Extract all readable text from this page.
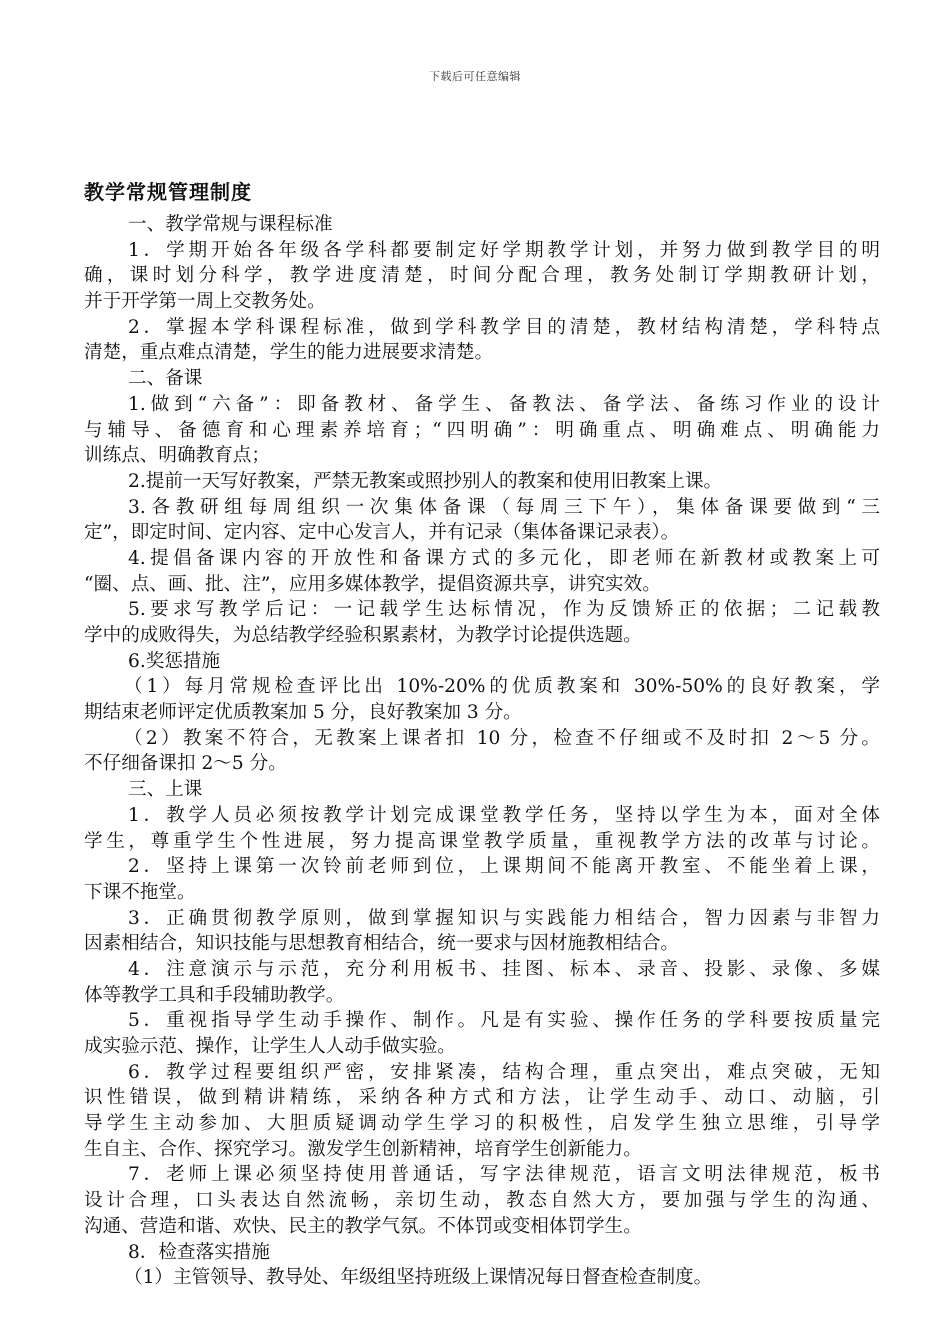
下载后可任意编辑
教学常规管理制度
一、教学常规与课程标准
1．学期开始各年级各学科都要制定好学期教学计划，并努力做到教学目的明
确，课时划分科学，教学进度清楚，时间分配合理，教务处制订学期教研计划，
并于开学第一周上交教务处。
2．掌握本学科课程标准，做到学科教学目的清楚，教材结构清楚，学科特点
清楚，重点难点清楚，学生的能力进展要求清楚。
二、备课
1.做到“六备”：即备教材、备学生、备教法、备学法、备练习作业的设计
与辅导、备德育和心理素养培育；“四明确”：明确重点、明确难点、明确能力
训练点、明确教育点；
2.提前一天写好教案，严禁无教案或照抄别人的教案和使用旧教案上课。
3.各教研组每周组织一次集体备课（每周三下午），集体备课要做到“三
定”，即定时间、定内容、定中心发言人，并有记录（集体备课记录表）。
4.提倡备课内容的开放性和备课方式的多元化，即老师在新教材或教案上可
“圈、点、画、批、注”，应用多媒体教学，提倡资源共享，讲究实效。
5.要求写教学后记：一记载学生达标情况，作为反馈矫正的依据；二记载教
学中的成败得失，为总结教学经验积累素材，为教学讨论提供选题。
6.奖惩措施
（1）每月常规检查评比出 10%-20%的优质教案和 30%-50%的良好教案，学
期结束老师评定优质教案加 5 分，良好教案加 3 分。
（2）教案不符合，无教案上课者扣 10 分，检查不仔细或不及时扣 2～5 分。
不仔细备课扣 2～5 分。
三、上课
1．教学人员必须按教学计划完成课堂教学任务，坚持以学生为本，面对全体
学生，尊重学生个性进展，努力提高课堂教学质量，重视教学方法的改革与讨论。
2．坚持上课第一次铃前老师到位，上课期间不能离开教室、不能坐着上课，
下课不拖堂。
3．正确贯彻教学原则，做到掌握知识与实践能力相结合，智力因素与非智力
因素相结合，知识技能与思想教育相结合，统一要求与因材施教相结合。
4．注意演示与示范，充分利用板书、挂图、标本、录音、投影、录像、多媒
体等教学工具和手段辅助教学。
5．重视指导学生动手操作、制作。凡是有实验、操作任务的学科要按质量完
成实验示范、操作，让学生人人动手做实验。
6．教学过程要组织严密，安排紧凑，结构合理，重点突出，难点突破，无知
识性错误，做到精讲精练，采纳各种方式和方法，让学生动手、动口、动脑，引
导学生主动参加、大胆质疑调动学生学习的积极性，启发学生独立思维，引导学
生自主、合作、探究学习。激发学生创新精神，培育学生创新能力。
7．老师上课必须坚持使用普通话，写字法律规范，语言文明法律规范，板书
设计合理，口头表达自然流畅，亲切生动，教态自然大方，要加强与学生的沟通、
沟通、营造和谐、欢快、民主的教学气氛。不体罚或变相体罚学生。
8．检查落实措施
（1）主管领导、教导处、年级组坚持班级上课情况每日督查检查制度。
